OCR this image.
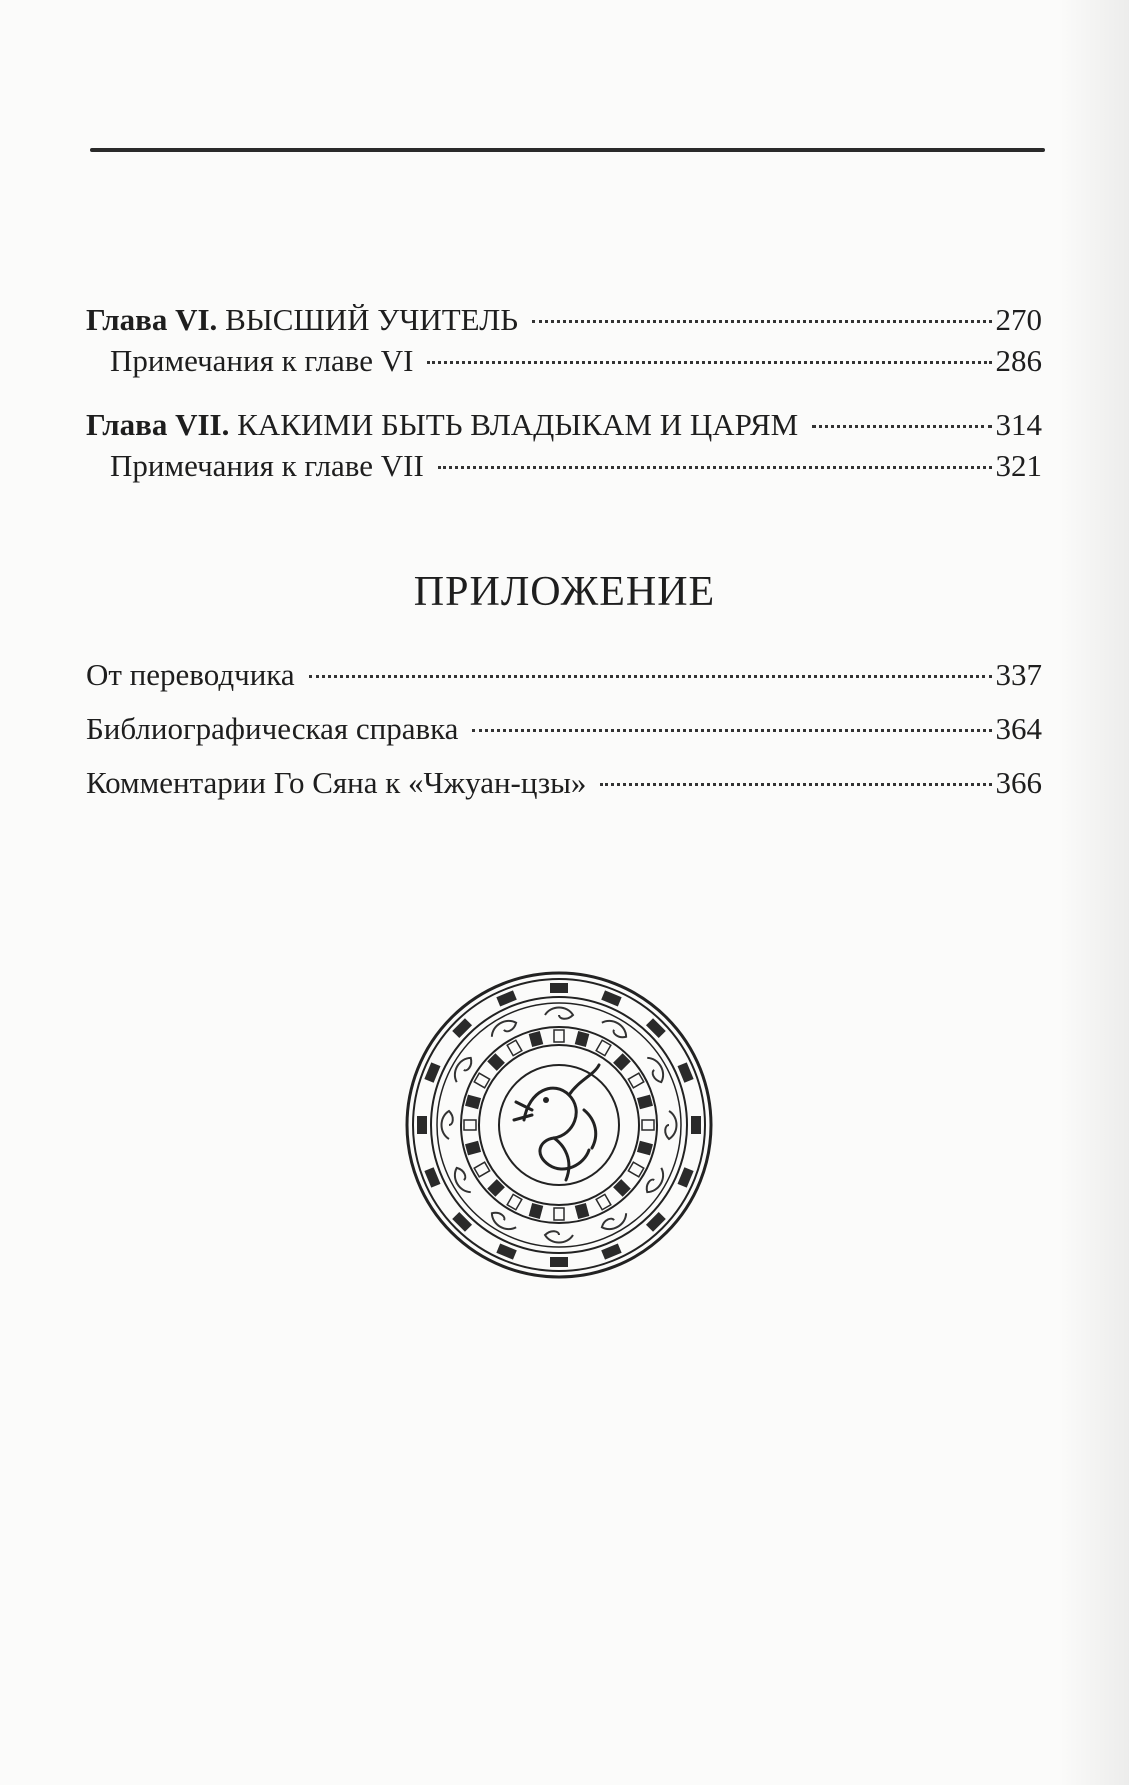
Глава VI. ВЫСШИЙ УЧИТЕЛЬ	270
Примечания к главе VI	286
Глава VII. КАКИМИ БЫТЬ ВЛАДЫКАМ И ЦАРЯМ	314
Примечания к главе VII	321
ПРИЛОЖЕНИЕ
От переводчика	337
Библиографическая справка	364
Комментарии Го Сяна к «Чжуан-цзы»	366
